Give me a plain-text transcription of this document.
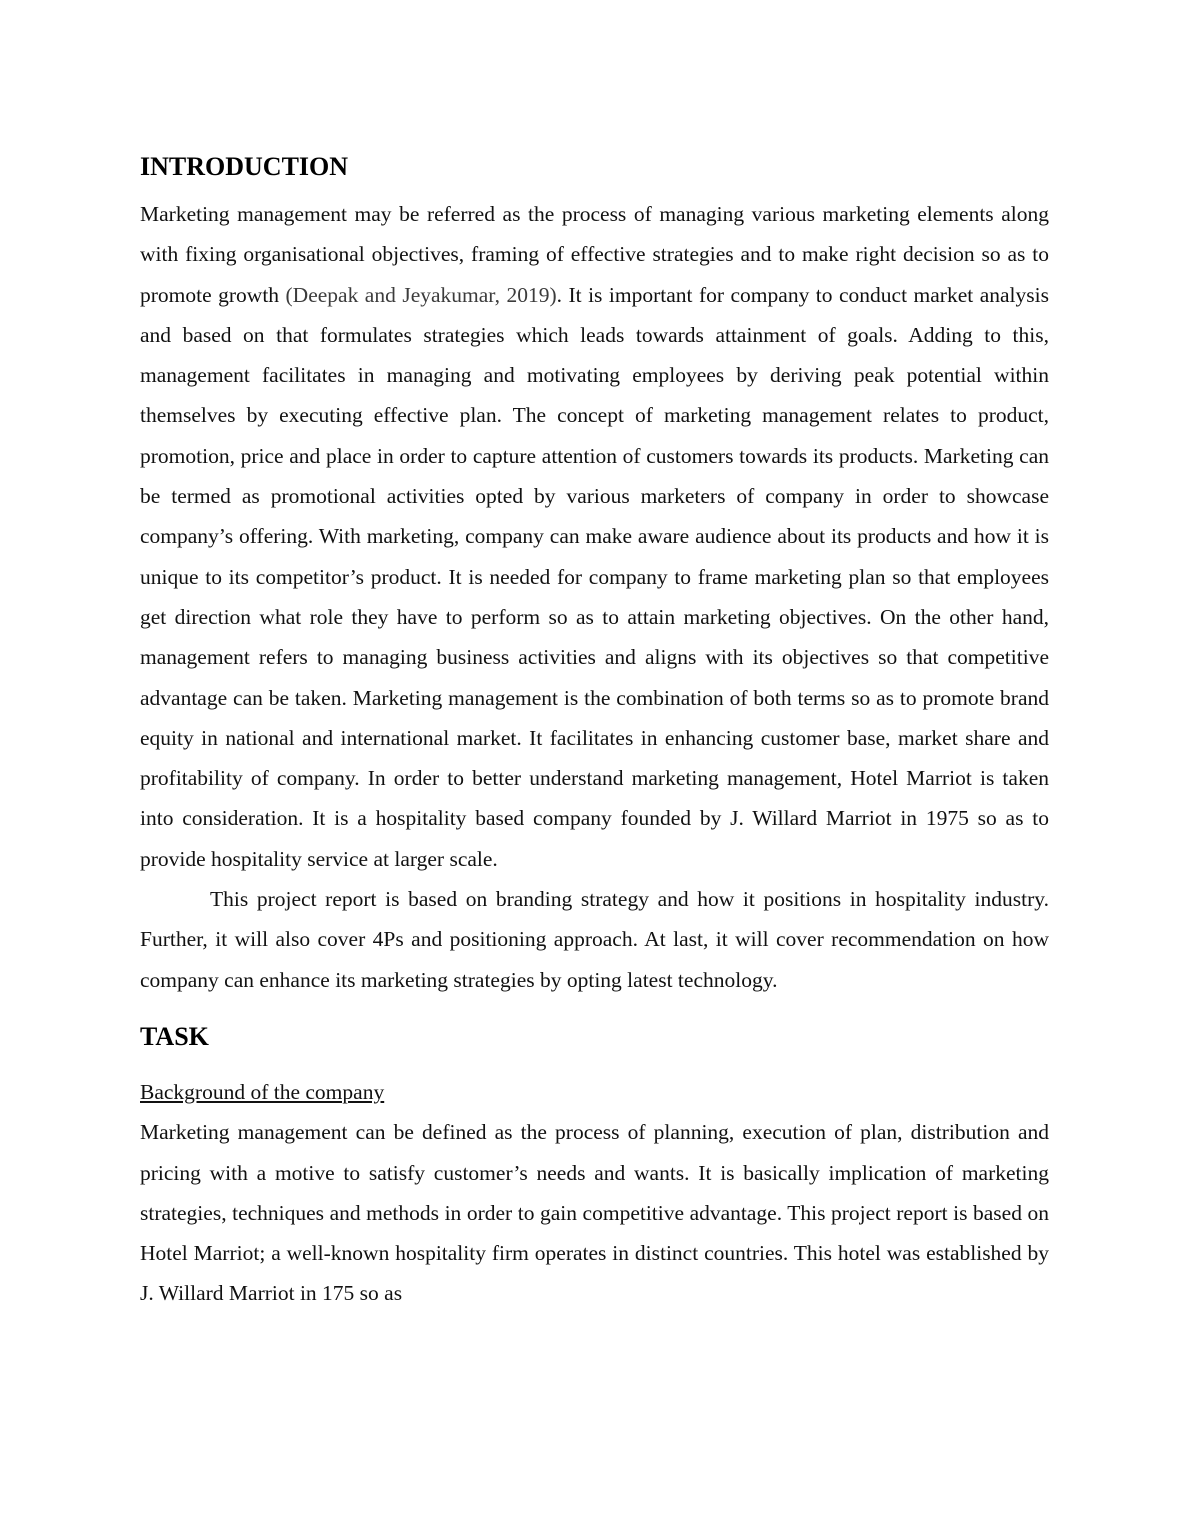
INTRODUCTION

Marketing management may be referred as the process of managing various marketing elements along with fixing organisational objectives, framing of effective strategies and to make right decision so as to promote growth (Deepak and Jeyakumar, 2019). It is important for company to conduct market analysis and based on that formulates strategies which leads towards attainment of goals. Adding to this, management facilitates in managing and motivating employees by deriving peak potential within themselves by executing effective plan. The concept of marketing management relates to product, promotion, price and place in order to capture attention of customers towards its products. Marketing can be termed as promotional activities opted by various marketers of company in order to showcase company’s offering. With marketing, company can make aware audience about its products and how it is unique to its competitor’s product. It is needed for company to frame marketing plan so that employees get direction what role they have to perform so as to attain marketing objectives. On the other hand, management refers to managing business activities and aligns with its objectives so that competitive advantage can be taken. Marketing management is the combination of both terms so as to promote brand equity in national and international market. It facilitates in enhancing customer base, market share and profitability of company. In order to better understand marketing management, Hotel Marriot is taken into consideration. It is a hospitality based company founded by J. Willard Marriot in 1975 so as to provide hospitality service at larger scale.

This project report is based on branding strategy and how it positions in hospitality industry. Further, it will also cover 4Ps and positioning approach. At last, it will cover recommendation on how company can enhance its marketing strategies by opting latest technology.

TASK

Background of the company

Marketing management can be defined as the process of planning, execution of plan, distribution and pricing with a motive to satisfy customer’s needs and wants. It is basically implication of marketing strategies, techniques and methods in order to gain competitive advantage. This project report is based on Hotel Marriot; a well-known hospitality firm operates in distinct countries. This hotel was established by J. Willard Marriot in 175 so as
